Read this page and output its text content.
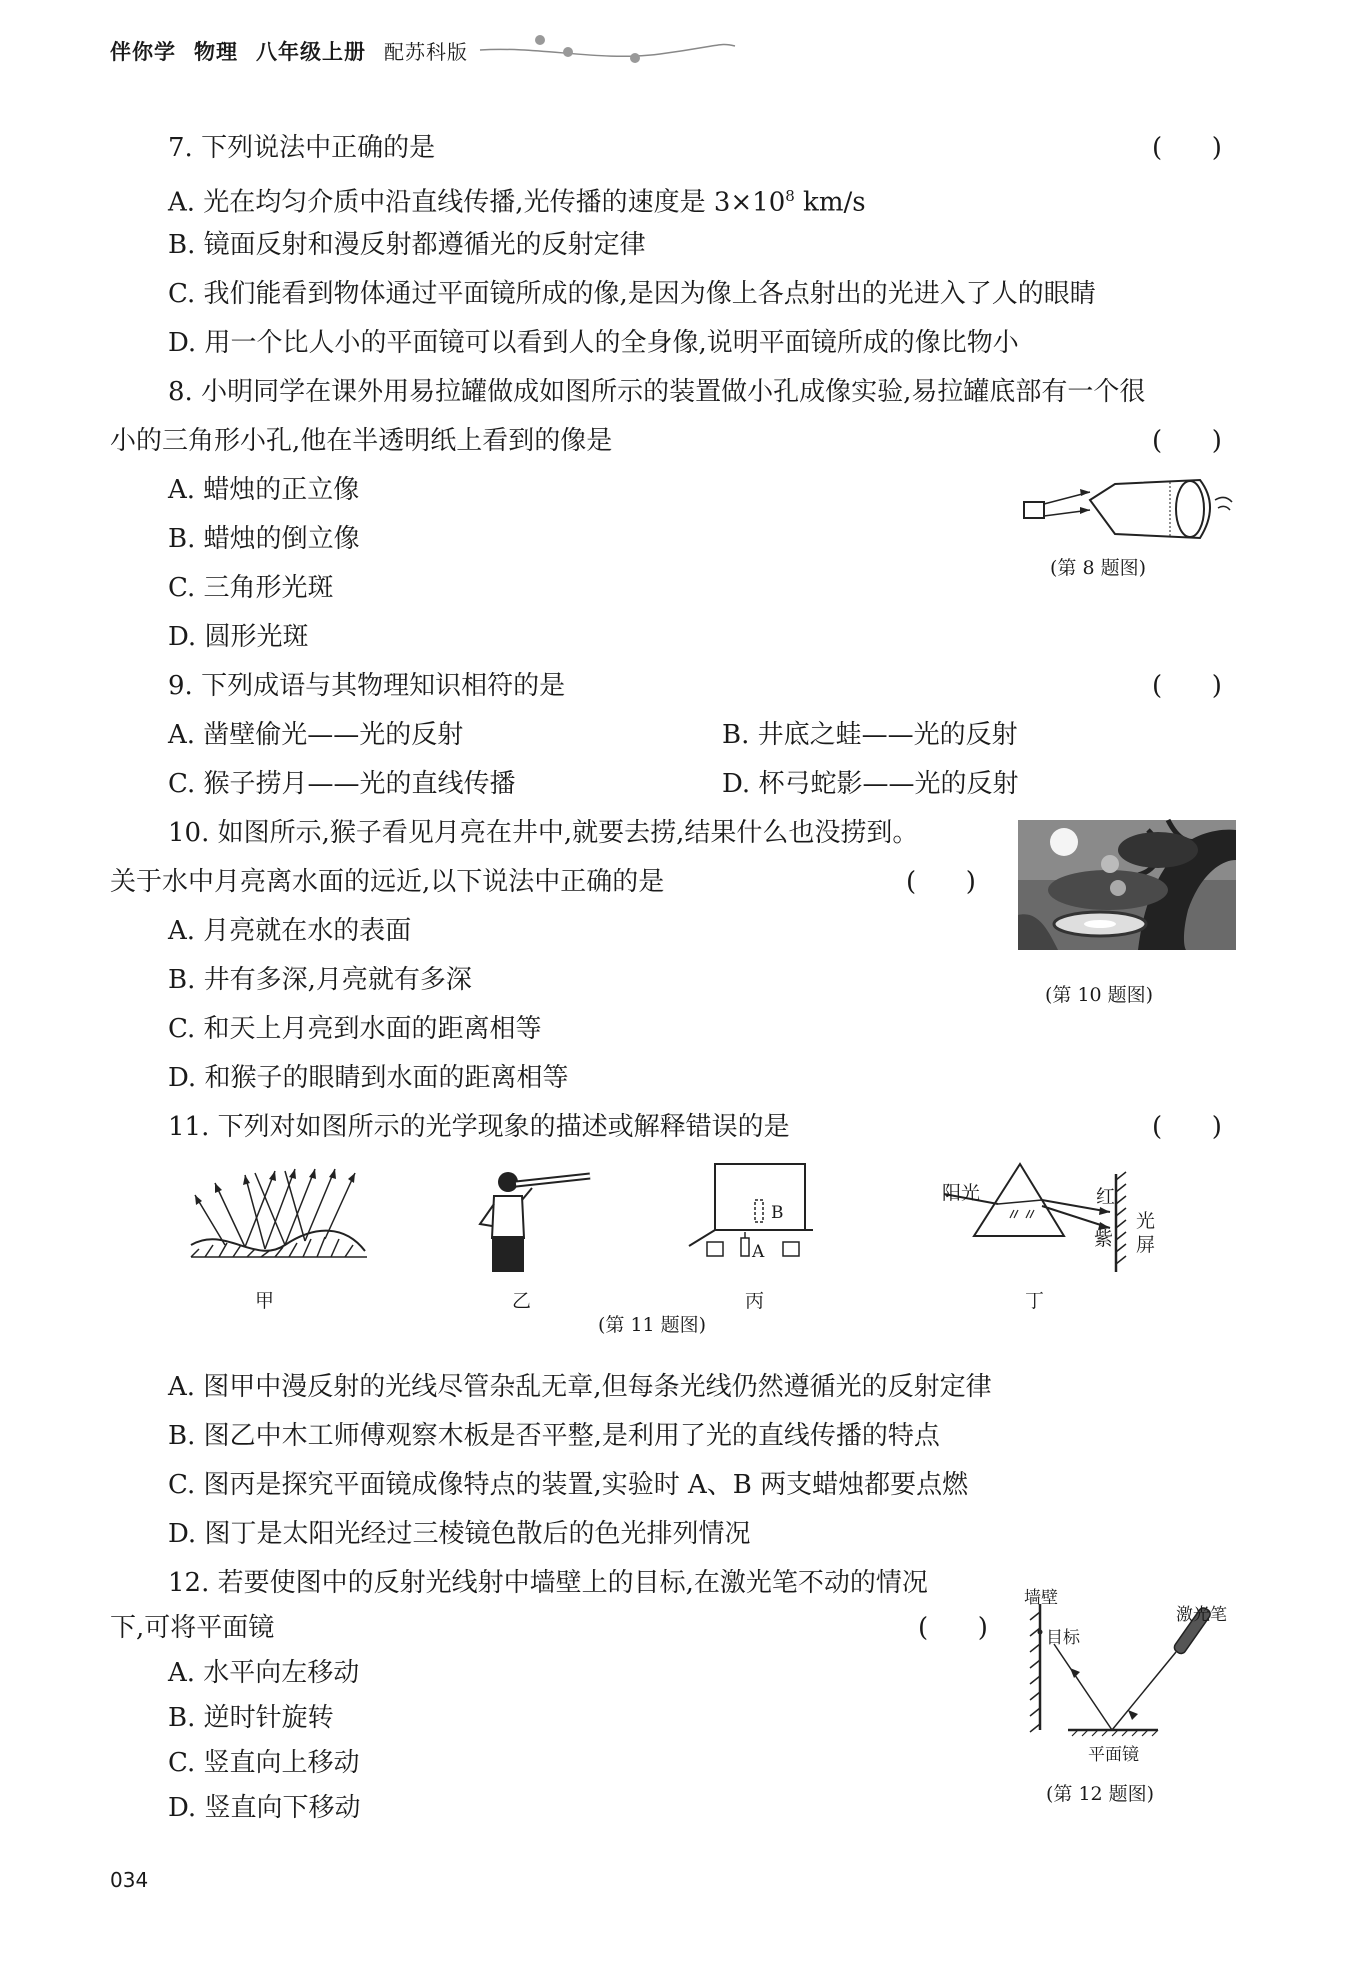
伴你学 物理 八年级上册 配苏科版
7. 下列说法中正确的是	(      )
A. 光在均匀介质中沿直线传播,光传播的速度是 $3\times 10^8$ km/s
B. 镜面反射和漫反射都遵循光的反射定律
C. 我们能看到物体通过平面镜所成的像,是因为像上各点射出的光进入了人的眼睛
D. 用一个比人小的平面镜可以看到人的全身像,说明平面镜所成的像比物小
8. 小明同学在课外用易拉罐做成如图所示的装置做小孔成像实验,易拉罐底部有一个很
小的三角形小孔,他在半透明纸上看到的像是	(      )
A. 蜡烛的正立像
B. 蜡烛的倒立像
C. 三角形光斑
D. 圆形光斑
(第 8 题图)
9. 下列成语与其物理知识相符的是	(      )
A. 凿壁偷光——光的反射	B. 井底之蛙——光的反射
C. 猴子捞月——光的直线传播	D. 杯弓蛇影——光的反射
10. 如图所示,猴子看见月亮在井中,就要去捞,结果什么也没捞到。
关于水中月亮离水面的远近,以下说法中正确的是	(      )
A. 月亮就在水的表面
B. 井有多深,月亮就有多深
C. 和天上月亮到水面的距离相等
D. 和猴子的眼睛到水面的距离相等
(第 10 题图)
11. 下列对如图所示的光学现象的描述或解释错误的是	(      )
甲	乙
B
A
丙
阳光	红
紫
光
屏
丁
(第 11 题图)
A. 图甲中漫反射的光线尽管杂乱无章,但每条光线仍然遵循光的反射定律
B. 图乙中木工师傅观察木板是否平整,是利用了光的直线传播的特点
C. 图丙是探究平面镜成像特点的装置,实验时 A、B 两支蜡烛都要点燃
D. 图丁是太阳光经过三棱镜色散后的色光排列情况
12. 若要使图中的反射光线射中墙壁上的目标,在激光笔不动的情况
下,可将平面镜	(      )
A. 水平向左移动
B. 逆时针旋转
C. 竖直向上移动
D. 竖直向下移动
墙壁
目标
激光笔
平面镜
(第 12 题图)
034
